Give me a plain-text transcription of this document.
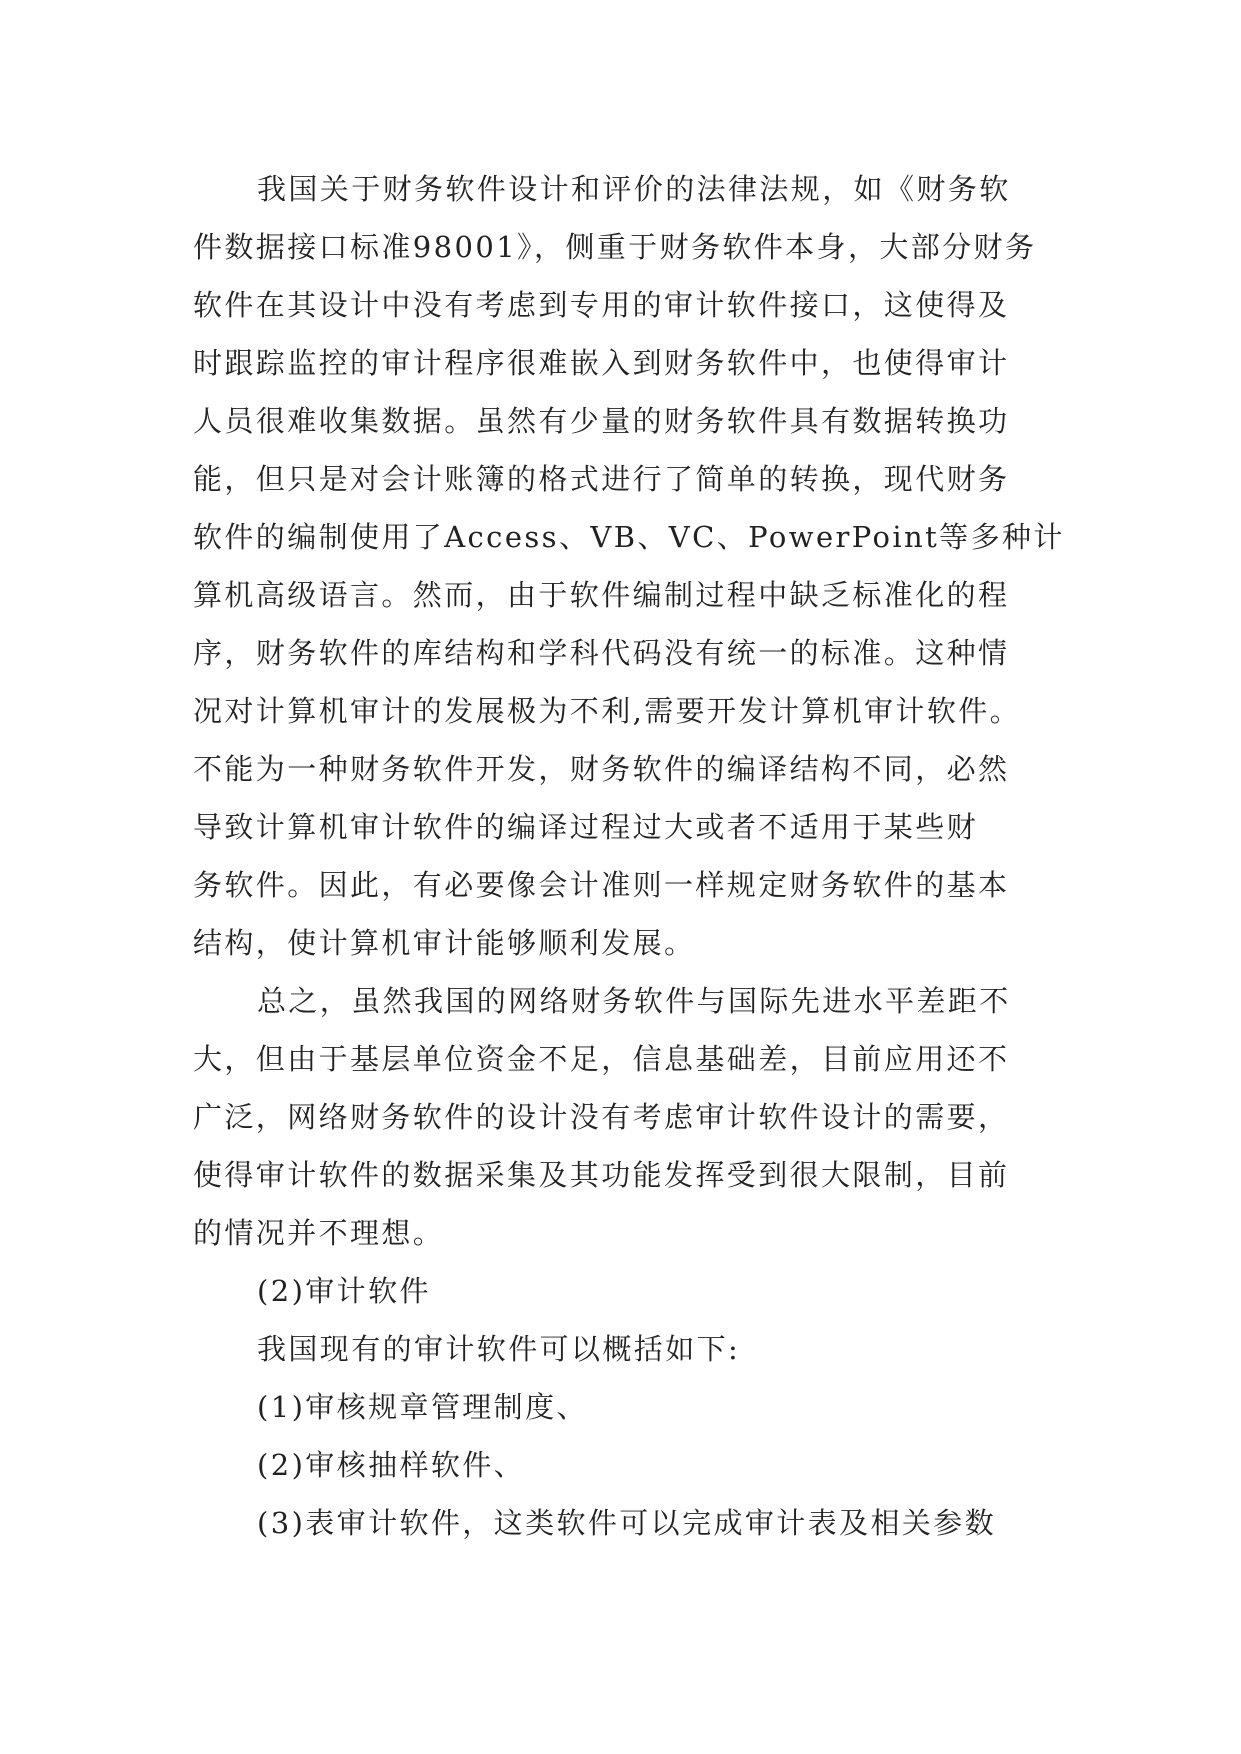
我国关于财务软件设计和评价的法律法规，如《财务软
件数据接口标准98001》，侧重于财务软件本身，大部分财务
软件在其设计中没有考虑到专用的审计软件接口，这使得及
时跟踪监控的审计程序很难嵌入到财务软件中，也使得审计
人员很难收集数据。虽然有少量的财务软件具有数据转换功
能，但只是对会计账簿的格式进行了简单的转换，现代财务
软件的编制使用了Access、VB、VC、PowerPoint等多种计
算机高级语言。然而，由于软件编制过程中缺乏标准化的程
序，财务软件的库结构和学科代码没有统一的标准。这种情
况对计算机审计的发展极为不利,需要开发计算机审计软件。
不能为一种财务软件开发，财务软件的编译结构不同，必然
导致计算机审计软件的编译过程过大或者不适用于某些财
务软件。因此，有必要像会计准则一样规定财务软件的基本
结构，使计算机审计能够顺利发展。
总之，虽然我国的网络财务软件与国际先进水平差距不
大，但由于基层单位资金不足，信息基础差，目前应用还不
广泛，网络财务软件的设计没有考虑审计软件设计的需要，
使得审计软件的数据采集及其功能发挥受到很大限制，目前
的情况并不理想。
(2)审计软件
我国现有的审计软件可以概括如下:
(1)审核规章管理制度、
(2)审核抽样软件、
(3)表审计软件，这类软件可以完成审计表及相关参数
